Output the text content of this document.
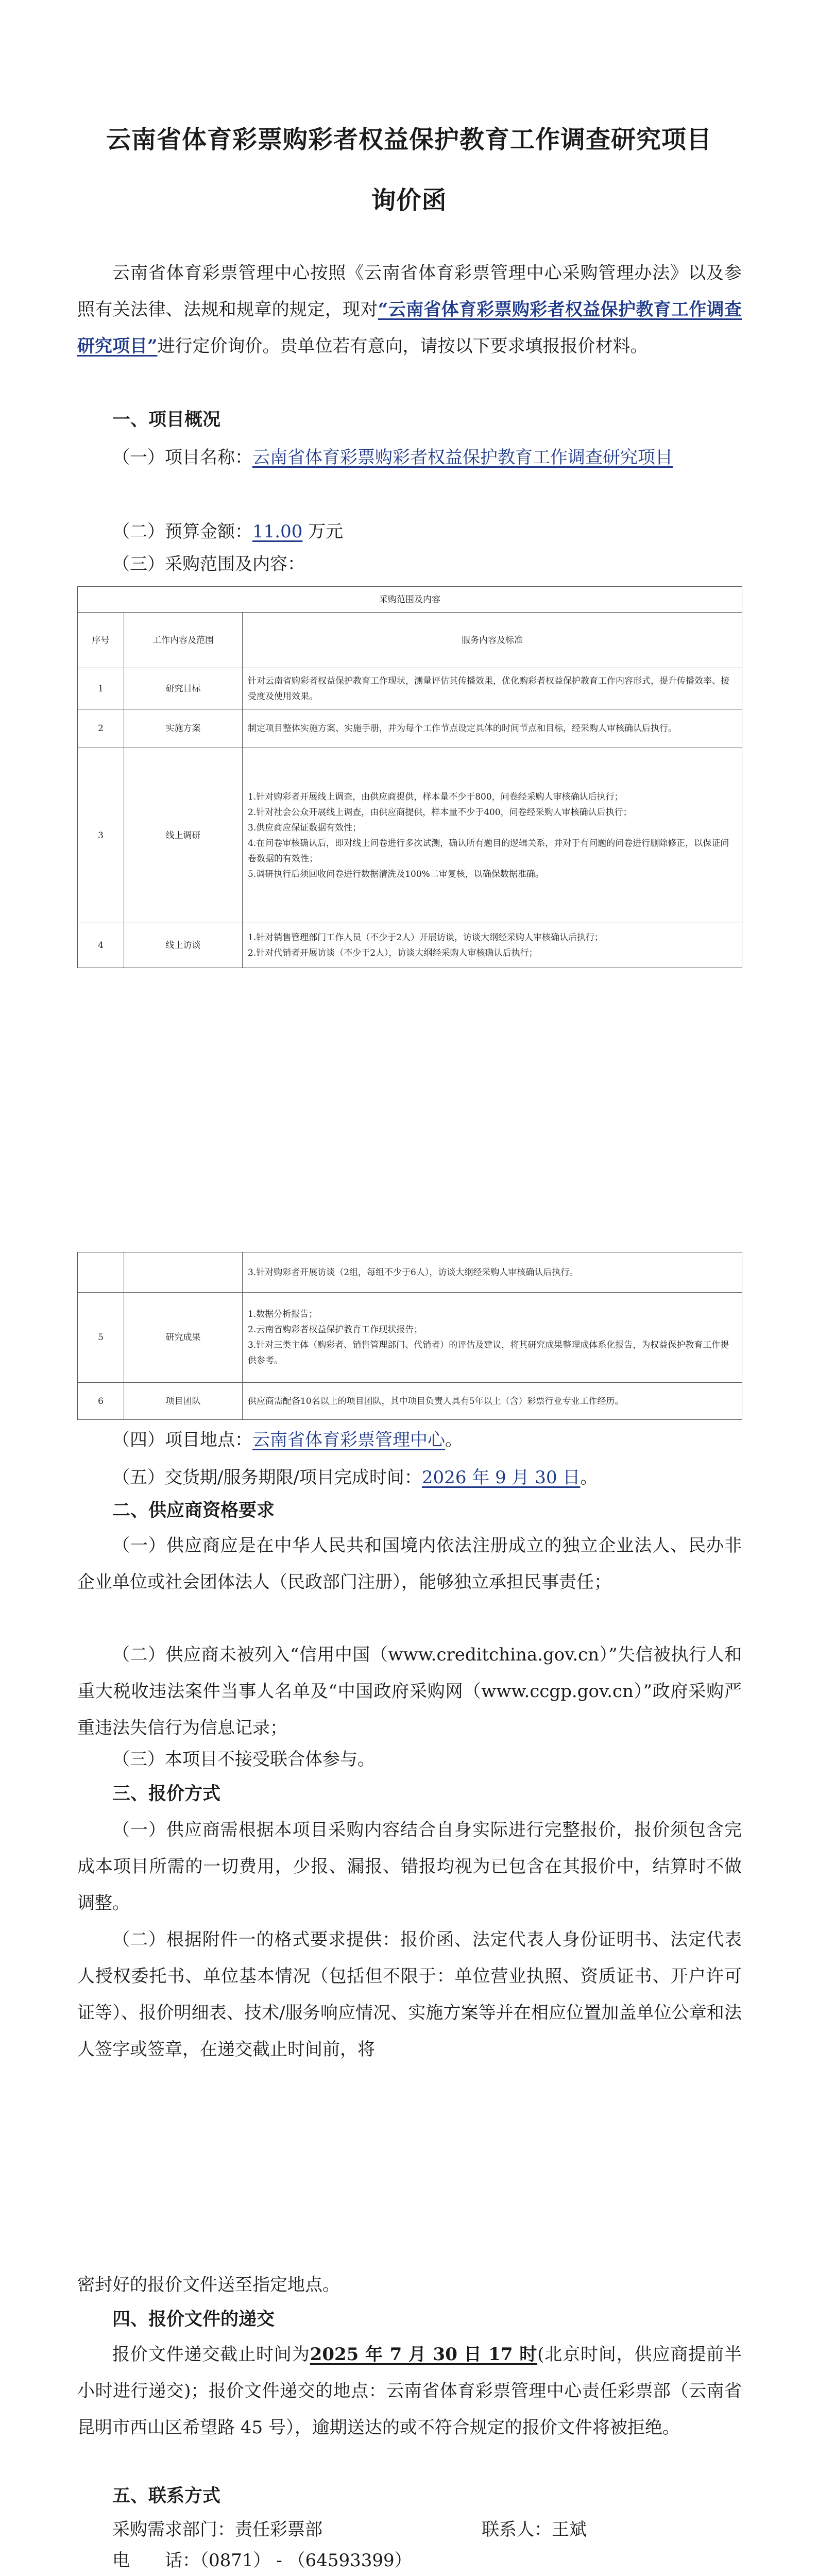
云南省体育彩票购彩者权益保护教育工作调查研究项目
询价函

云南省体育彩票管理中心按照《云南省体育彩票管理中心采购管理办法》以及参照有关法律、法规和规章的规定，现对“云南省体育彩票购彩者权益保护教育工作调查研究项目”进行定价询价。贵单位若有意向，请按以下要求填报报价材料。

一、项目概况

（一）项目名称：云南省体育彩票购彩者权益保护教育工作调查研究项目

（二）预算金额：11.00 万元

（三）采购范围及内容：

采购范围及内容		
序号	工作内容及范围	服务内容及标准
1	研究目标	针对云南省购彩者权益保护教育工作现状，测量评估其传播效果，优化购彩者权益保护教育工作内容形式，提升传播效率、接受度及使用效果。
2	实施方案	制定项目整体实施方案、实施手册，并为每个工作节点设定具体的时间节点和目标，经采购人审核确认后执行。
3	线上调研	1.针对购彩者开展线上调查，由供应商提供，样本量不少于800，问卷经采购人审核确认后执行；
2.针对社会公众开展线上调查，由供应商提供，样本量不少于400，问卷经采购人审核确认后执行；
3.供应商应保证数据有效性；
4.在问卷审核确认后，即对线上问卷进行多次试测，确认所有题目的逻辑关系，并对于有问题的问卷进行删除修正，以保证问卷数据的有效性；
5.调研执行后须回收问卷进行数据清洗及100%二审复核，以确保数据准确。

4	线上访谈	1.针对销售管理部门工作人员（不少于2人）开展访谈，访谈大纲经采购人审核确认后执行；
2.针对代销者开展访谈（不少于2人），访谈大纲经采购人审核确认后执行；
		3.针对购彩者开展访谈（2组，每组不少于6人），访谈大纲经采购人审核确认后执行。
5	研究成果	1.数据分析报告；
2.云南省购彩者权益保护教育工作现状报告；
3.针对三类主体（购彩者、销售管理部门、代销者）的评估及建议，将其研究成果整理成体系化报告，为权益保护教育工作提供参考。

6	项目团队	供应商需配备10名以上的项目团队，其中项目负责人具有5年以上（含）彩票行业专业工作经历。

（四）项目地点：云南省体育彩票管理中心。

（五）交货期/服务期限/项目完成时间：2026 年 9 月 30 日。

二、供应商资格要求

（一）供应商应是在中华人民共和国境内依法注册成立的独立企业法人、民办非企业单位或社会团体法人（民政部门注册），能够独立承担民事责任；

（二）供应商未被列入“信用中国（www.creditchina.gov.cn）”失信被执行人和重大税收违法案件当事人名单及“中国政府采购网（www.ccgp.gov.cn）”政府采购严重违法失信行为信息记录；

（三）本项目不接受联合体参与。

三、报价方式

（一）供应商需根据本项目采购内容结合自身实际进行完整报价，报价须包含完成本项目所需的一切费用，少报、漏报、错报均视为已包含在其报价中，结算时不做调整。

（二）根据附件一的格式要求提供：报价函、法定代表人身份证明书、法定代表人授权委托书、单位基本情况（包括但不限于：单位营业执照、资质证书、开户许可证等）、报价明细表、技术/服务响应情况、实施方案等并在相应位置加盖单位公章和法人签字或签章，在递交截止时间前，将

密封好的报价文件送至指定地点。

四、报价文件的递交

报价文件递交截止时间为2025 年 7 月 30 日 17 时(北京时间，供应商提前半小时进行递交)；报价文件递交的地点：云南省体育彩票管理中心责任彩票部（云南省昆明市西山区希望路 45 号），逾期送达的或不符合规定的报价文件将被拒绝。

五、联系方式

采购需求部门：责任彩票部	联系人：王斌

电　　话：（0871） - （64593399）
